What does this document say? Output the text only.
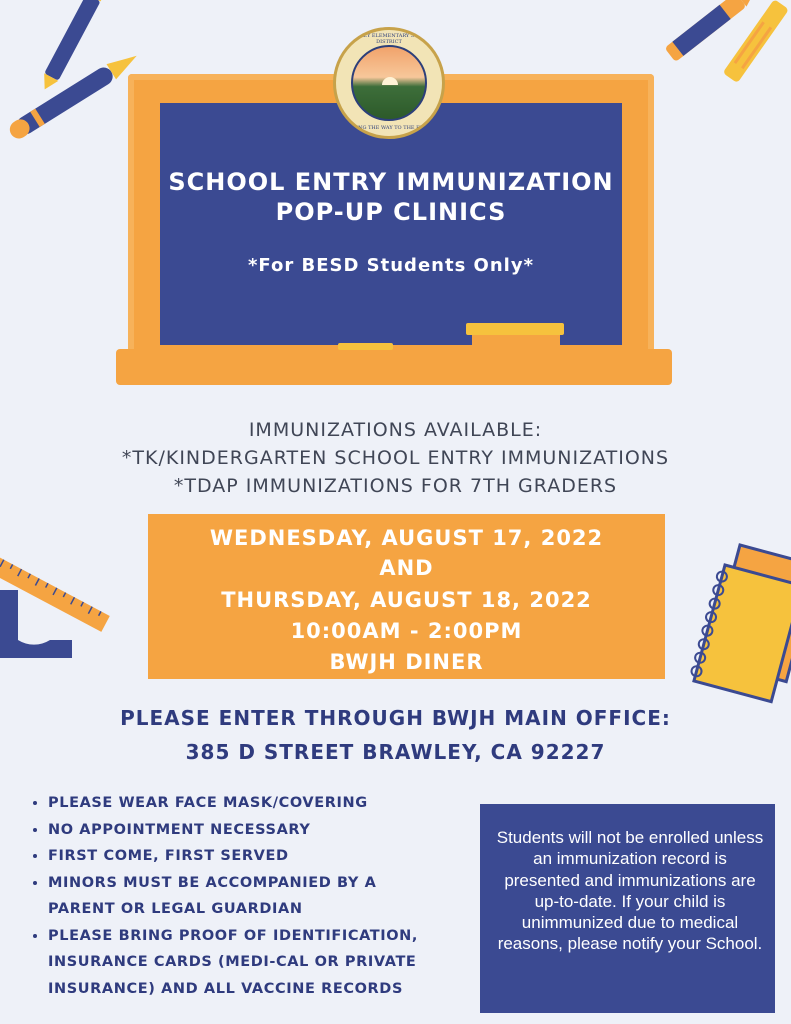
SCHOOL ENTRY IMMUNIZATION
POP-UP CLINICS
*For BESD Students Only*
BRAWLEY ELEMENTARY SCHOOL DISTRICT
LIGHTING THE WAY TO THE FUTURE
IMMUNIZATIONS AVAILABLE:
*TK/KINDERGARTEN SCHOOL ENTRY IMMUNIZATIONS
*TDAP IMMUNIZATIONS FOR 7TH GRADERS
WEDNESDAY, AUGUST 17, 2022
AND
THURSDAY, AUGUST 18, 2022
10:00AM - 2:00PM
BWJH DINER
PLEASE ENTER THROUGH BWJH MAIN OFFICE:
385 D STREET BRAWLEY, CA 92227
• PLEASE WEAR FACE MASK/COVERING
• NO APPOINTMENT NECESSARY
• FIRST COME, FIRST SERVED
• MINORS MUST BE ACCOMPANIED BY A PARENT OR LEGAL GUARDIAN
• PLEASE BRING PROOF OF IDENTIFICATION, INSURANCE CARDS (MEDI-CAL OR PRIVATE INSURANCE) AND ALL VACCINE RECORDS
Students will not be enrolled unless an immunization record is presented and immunizations are up-to-date. If your child is unimmunized due to medical reasons, please notify your School.
